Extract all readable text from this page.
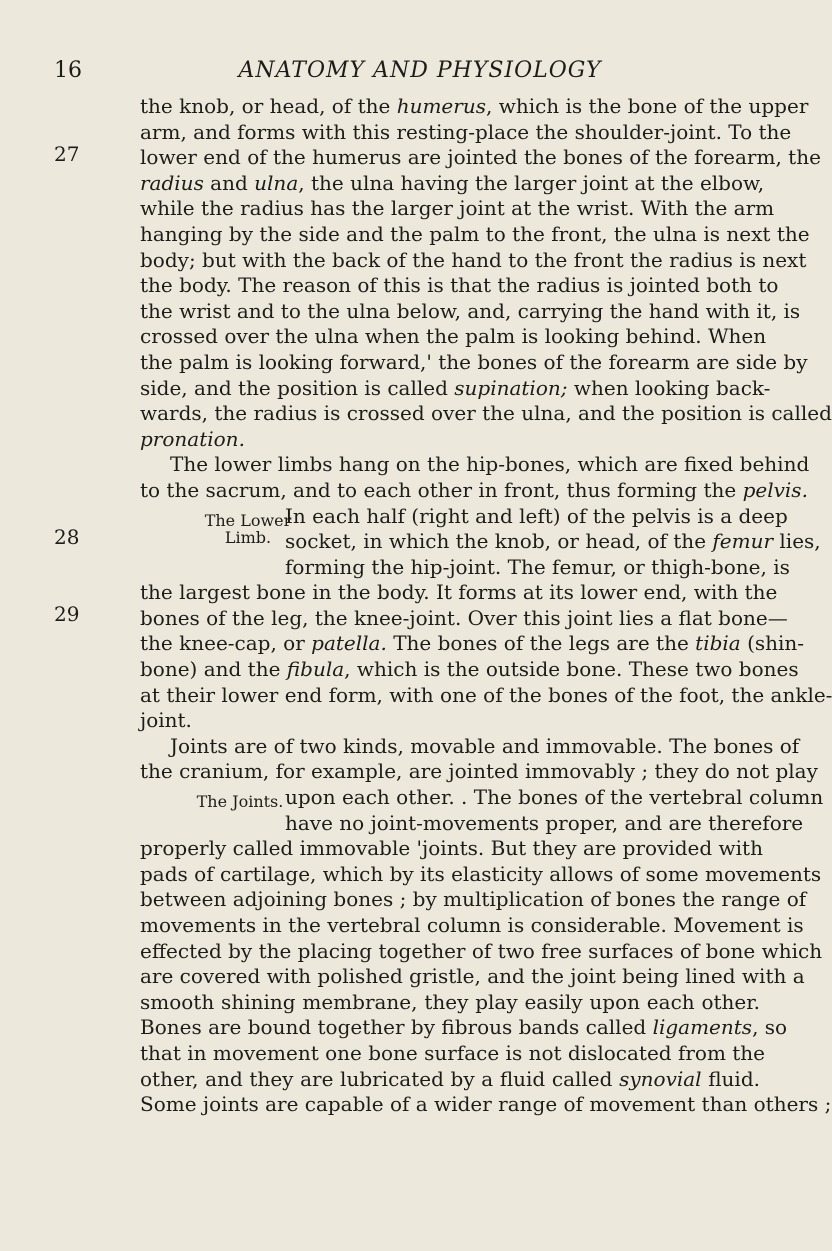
16	ANATOMY AND PHYSIOLOGY
27
28
29
The Lower Limb.
The Joints.
the knob, or head, of the humerus, which is the bone of the upper
arm, and forms with this resting-place the shoulder-joint. To the
lower end of the humerus are jointed the bones of the forearm, the
radius and ulna, the ulna having the larger joint at the elbow,
while the radius has the larger joint at the wrist. With the arm
hanging by the side and the palm to the front, the ulna is next the
body; but with the back of the hand to the front the radius is next
the body. The reason of this is that the radius is jointed both to
the wrist and to the ulna below, and, carrying the hand with it, is
crossed over the ulna when the palm is looking behind. When
the palm is looking forward,' the bones of the forearm are side by
side, and the position is called supination; when looking back-
wards, the radius is crossed over the ulna, and the position is called
pronation.
The lower limbs hang on the hip-bones, which are fixed behind
to the sacrum, and to each other in front, thus forming the pelvis.
In each half (right and left) of the pelvis is a deep
socket, in which the knob, or head, of the femur lies,
forming the hip-joint. The femur, or thigh-bone, is
the largest bone in the body. It forms at its lower end, with the
bones of the leg, the knee-joint. Over this joint lies a flat bone—
the knee-cap, or patella. The bones of the legs are the tibia (shin-
bone) and the fibula, which is the outside bone. These two bones
at their lower end form, with one of the bones of the foot, the ankle-
joint.
Joints are of two kinds, movable and immovable. The bones of
the cranium, for example, are jointed immovably ; they do not play
upon each other. . The bones of the vertebral column
have no joint-movements proper, and are therefore
properly called immovable 'joints. But they are provided with
pads of cartilage, which by its elasticity allows of some movements
between adjoining bones ; by multiplication of bones the range of
movements in the vertebral column is considerable. Movement is
effected by the placing together of two free surfaces of bone which
are covered with polished gristle, and the joint being lined with a
smooth shining membrane, they play easily upon each other.
Bones are bound together by fibrous bands called ligaments, so
that in movement one bone surface is not dislocated from the
other, and they are lubricated by a fluid called synovial fluid.
Some joints are capable of a wider range of movement than others ;
